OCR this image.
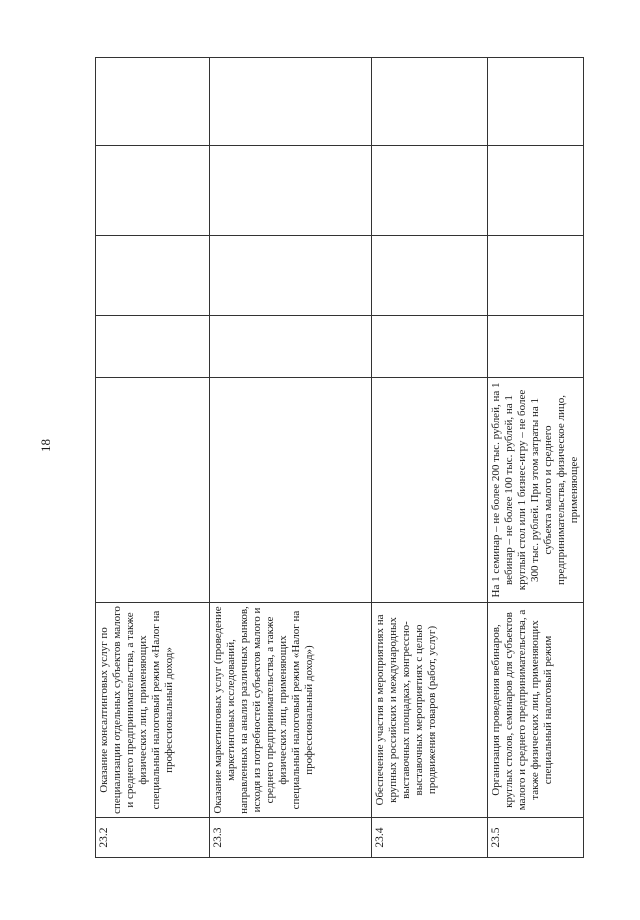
18
23.2	Оказание консалтинговых услуг по специализации отдельных субъектов малого и среднего предпринимательства, а также физических лиц, применяющих специальный налоговый режим «Налог на профессиональный доход»					
23.3	Оказание маркетинговых услуг (проведение маркетинговых исследований, направленных на анализ различных рынков, исходя из потребностей субъектов малого и среднего предпринимательства, а также физических лиц, применяющих специальный налоговый режим «Налог на профессиональный доход»)					
23.4	Обеспечение участия в мероприятиях на крупных российских и международных выставочных площадках, конгрессно-выставочных мероприятиях с целью продвижения товаров (работ, услуг)					
23.5	Организация проведения вебинаров, круглых столов, семинаров для субъектов малого и среднего предпринимательства, а также физических лиц, применяющих специальный налоговый режим	На 1 семинар – не более 200 тыс. рублей, на 1 вебинар – не более 100 тыс. рублей, на 1 круглый стол или 1 бизнес-игру – не более 300 тыс. рублей. При этом затраты на 1 субъекта малого и среднего предпринимательства, физическое лицо, применяющее				
